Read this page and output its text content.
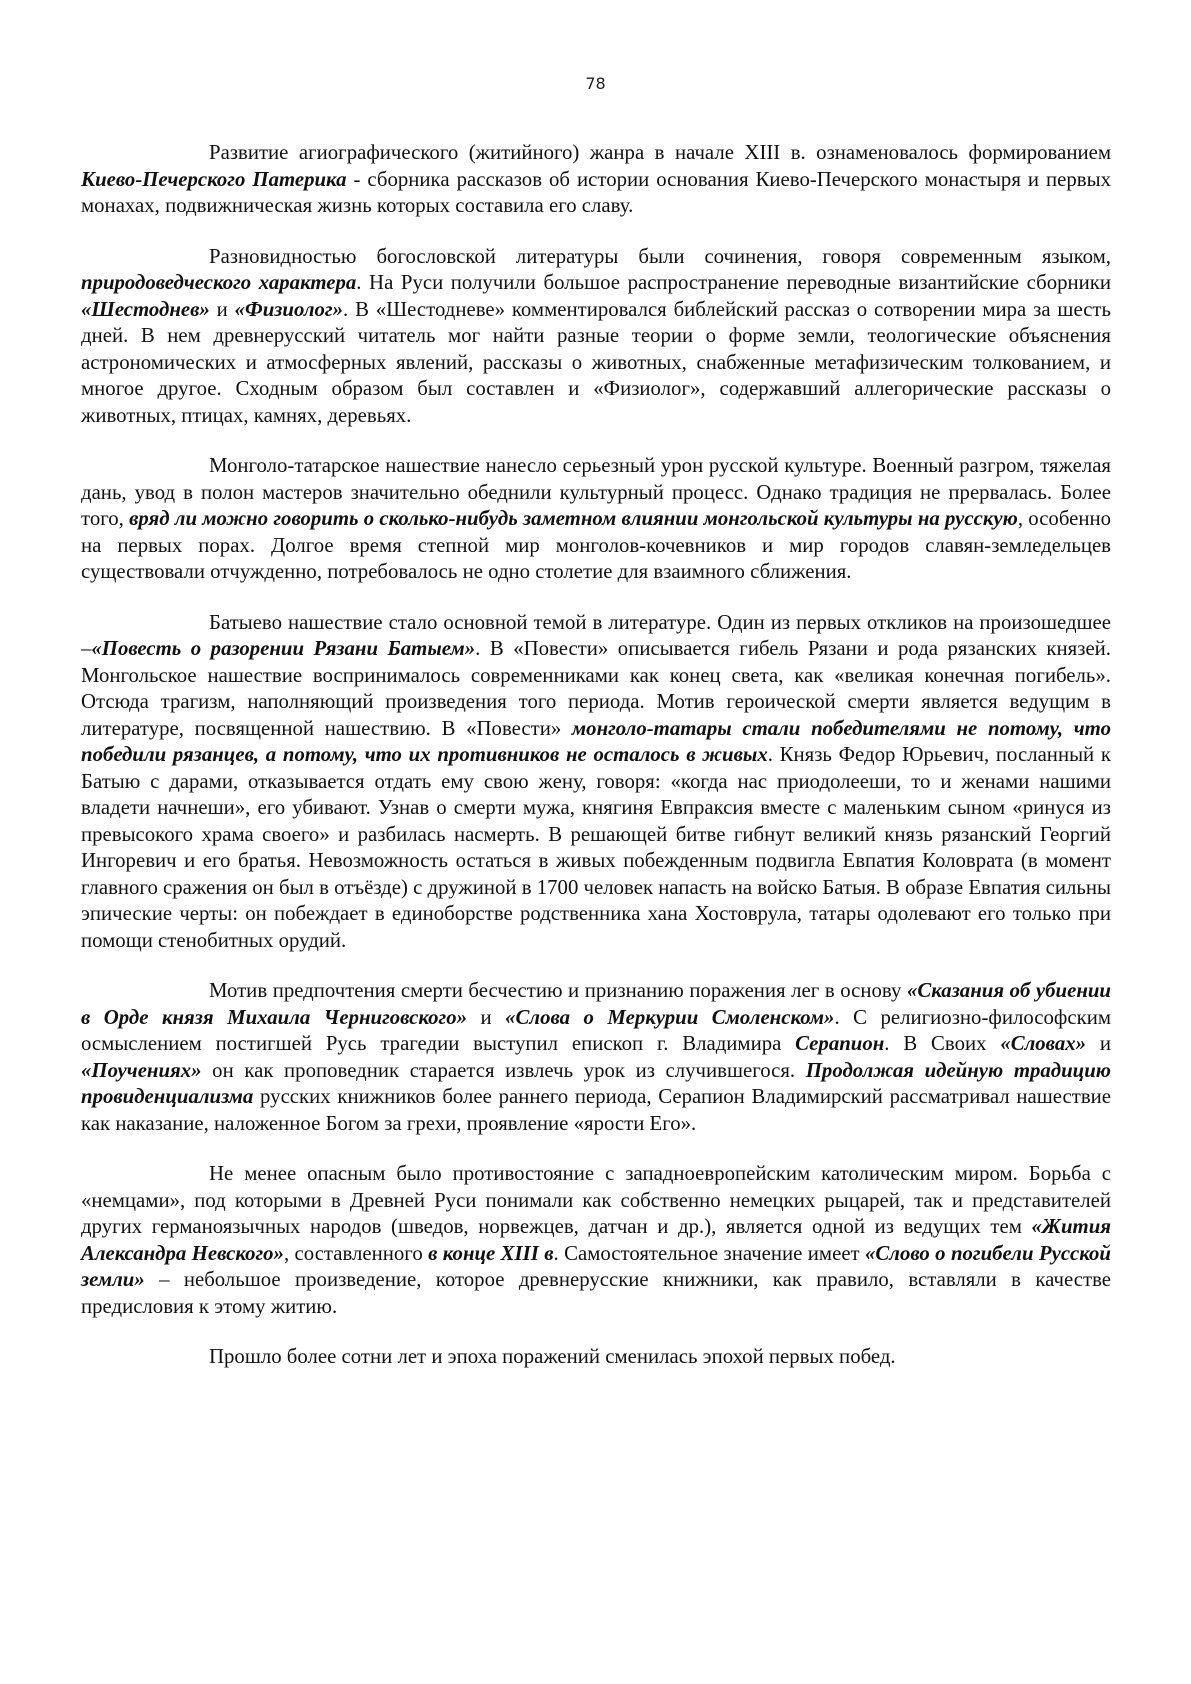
78

Развитие агиографического (житийного) жанра в начале XIII в. ознаменовалось формированием Киево-Печерского Патерика - сборника рассказов об истории основания Киево-Печерского монастыря и первых монахах, подвижническая жизнь которых составила его славу.

Разновидностью богословской литературы были сочинения, говоря современным языком, природоведческого характера. На Руси получили большое распространение переводные византийские сборники «Шестоднев» и «Физиолог». В «Шестодневе» комментировался библейский рассказ о сотворении мира за шесть дней. В нем древнерусский читатель мог найти разные теории о форме земли, теологические объяснения астрономических и атмосферных явлений, рассказы о животных, снабженные метафизическим толкованием, и многое другое. Сходным образом был составлен и «Физиолог», содержавший аллегорические рассказы о животных, птицах, камнях, деревьях.

Монголо-татарское нашествие нанесло серьезный урон русской культуре. Военный разгром, тяжелая дань, увод в полон мастеров значительно обеднили культурный процесс. Однако традиция не прервалась. Более того, вряд ли можно говорить о сколько-нибудь заметном влиянии монгольской культуры на русскую, особенно на первых порах. Долгое время степной мир монголов-кочевников и мир городов славян-земледельцев существовали отчужденно, потребовалось не одно столетие для взаимного сближения.

Батыево нашествие стало основной темой в литературе. Один из первых откликов на произошедшее –«Повесть о разорении Рязани Батыем». В «Повести» описывается гибель Рязани и рода рязанских князей. Монгольское нашествие воспринималось современниками как конец света, как «великая конечная погибель». Отсюда трагизм, наполняющий произведения того периода. Мотив героической смерти является ведущим в литературе, посвященной нашествию. В «Повести» монголо-татары стали победителями не потому, что победили рязанцев, а потому, что их противников не осталось в живых. Князь Федор Юрьевич, посланный к Батыю с дарами, отказывается отдать ему свою жену, говоря: «когда нас приодолееши, то и женами нашими владети начнеши», его убивают. Узнав о смерти мужа, княгиня Евпраксия вместе с маленьким сыном «ринуся из превысокого храма своего» и разбилась насмерть. В решающей битве гибнут великий князь рязанский Георгий Ингоревич и его братья. Невозможность остаться в живых побежденным подвигла Евпатия Коловрата (в момент главного сражения он был в отъёзде) с дружиной в 1700 человек напасть на войско Батыя. В образе Евпатия сильны эпические черты: он побеждает в единоборстве родственника хана Хостоврула, татары одолевают его только при помощи стенобитных орудий.

Мотив предпочтения смерти бесчестию и признанию поражения лег в основу «Сказания об убиении в Орде князя Михаила Черниговского» и «Слова о Меркурии Смоленском». С религиозно-философским осмыслением постигшей Русь трагедии выступил епископ г. Владимира Серапион. В Своих «Словах» и «Поучениях» он как проповедник старается извлечь урок из случившегося. Продолжая идейную традицию провиденциализма русских книжников более раннего периода, Серапион Владимирский рассматривал нашествие как наказание, наложенное Богом за грехи, проявление «ярости Его».

Не менее опасным было противостояние с западноевропейским католическим миром. Борьба с «немцами», под которыми в Древней Руси понимали как собственно немецких рыцарей, так и представителей других германоязычных народов (шведов, норвежцев, датчан и др.), является одной из ведущих тем «Жития Александра Невского», составленного в конце XIII в. Самостоятельное значение имеет «Слово о погибели Русской земли» – небольшое произведение, которое древнерусские книжники, как правило, вставляли в качестве предисловия к этому житию.

Прошло более сотни лет и эпоха поражений сменилась эпохой первых побед.
